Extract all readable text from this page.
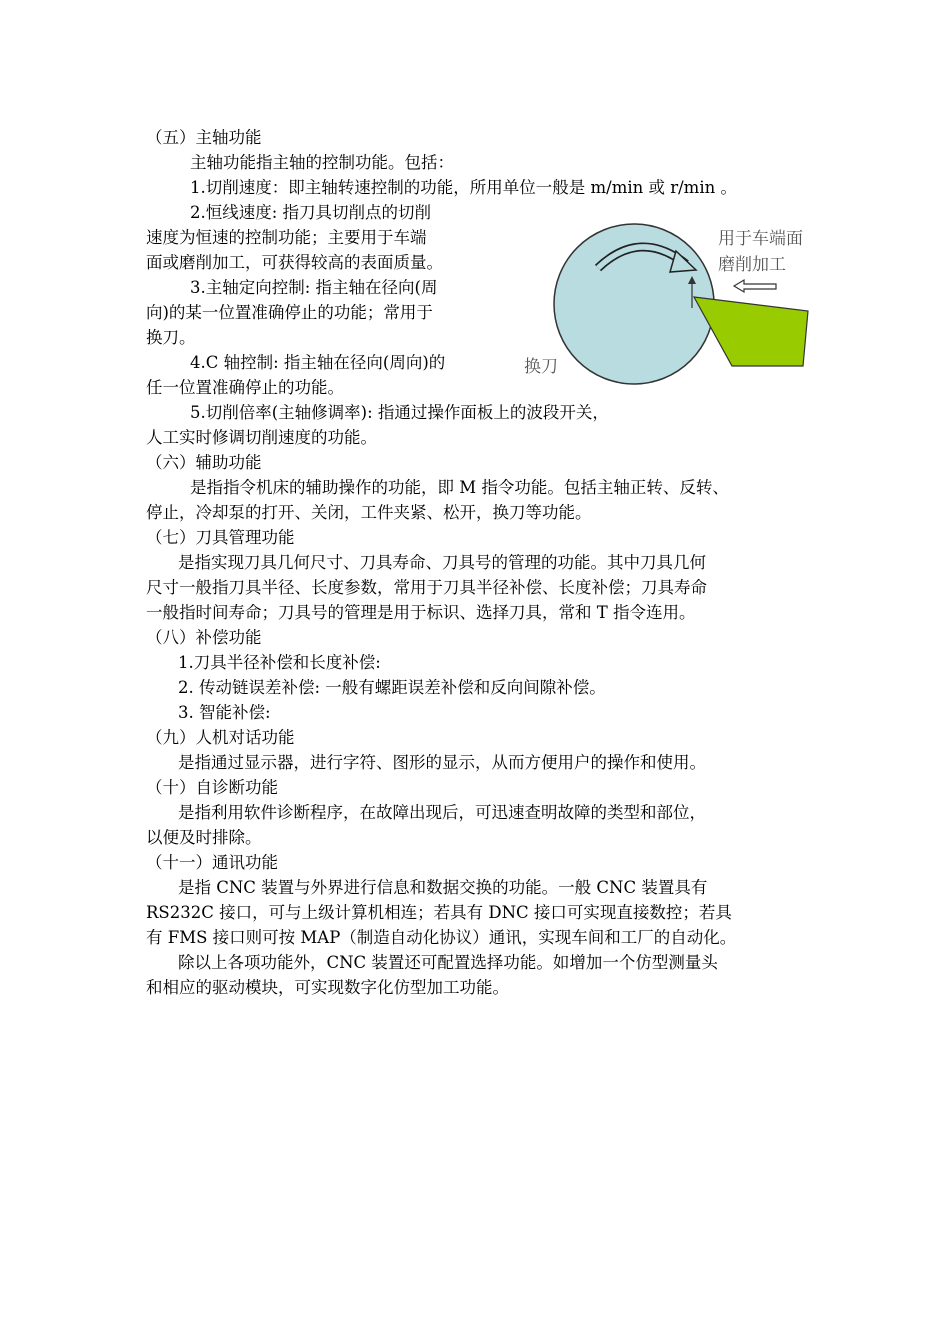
（五）主轴功能
主轴功能指主轴的控制功能。包括：
1.切削速度：即主轴转速控制的功能，所用单位一般是 m/min 或 r/min 。
2.恒线速度: 指刀具切削点的切削
速度为恒速的控制功能；主要用于车端
面或磨削加工，可获得较高的表面质量。
3.主轴定向控制: 指主轴在径向(周
向)的某一位置准确停止的功能；常用于
换刀。
4.C 轴控制: 指主轴在径向(周向)的
任一位置准确停止的功能。
5.切削倍率(主轴修调率): 指通过操作面板上的波段开关，
人工实时修调切削速度的功能。
用于车端面
磨削加工
换刀
（六）辅助功能
是指指令机床的辅助操作的功能，即 M 指令功能。包括主轴正转、反转、
停止，冷却泵的打开、关闭，工件夹紧、松开，换刀等功能。
（七）刀具管理功能
是指实现刀具几何尺寸、刀具寿命、刀具号的管理的功能。其中刀具几何
尺寸一般指刀具半径、长度参数，常用于刀具半径补偿、长度补偿；刀具寿命
一般指时间寿命；刀具号的管理是用于标识、选择刀具，常和 T 指令连用。
（八）补偿功能
1.刀具半径补偿和长度补偿:
2. 传动链误差补偿: 一般有螺距误差补偿和反向间隙补偿。
3. 智能补偿:
（九）人机对话功能
是指通过显示器，进行字符、图形的显示，从而方便用户的操作和使用。
（十）自诊断功能
是指利用软件诊断程序，在故障出现后，可迅速查明故障的类型和部位，
以便及时排除。
（十一）通讯功能
是指 CNC 装置与外界进行信息和数据交换的功能。一般 CNC 装置具有
RS232C 接口，可与上级计算机相连；若具有 DNC 接口可实现直接数控；若具
有 FMS 接口则可按 MAP（制造自动化协议）通讯，实现车间和工厂的自动化。
除以上各项功能外，CNC 装置还可配置选择功能。如增加一个仿型测量头
和相应的驱动模块，可实现数字化仿型加工功能。
